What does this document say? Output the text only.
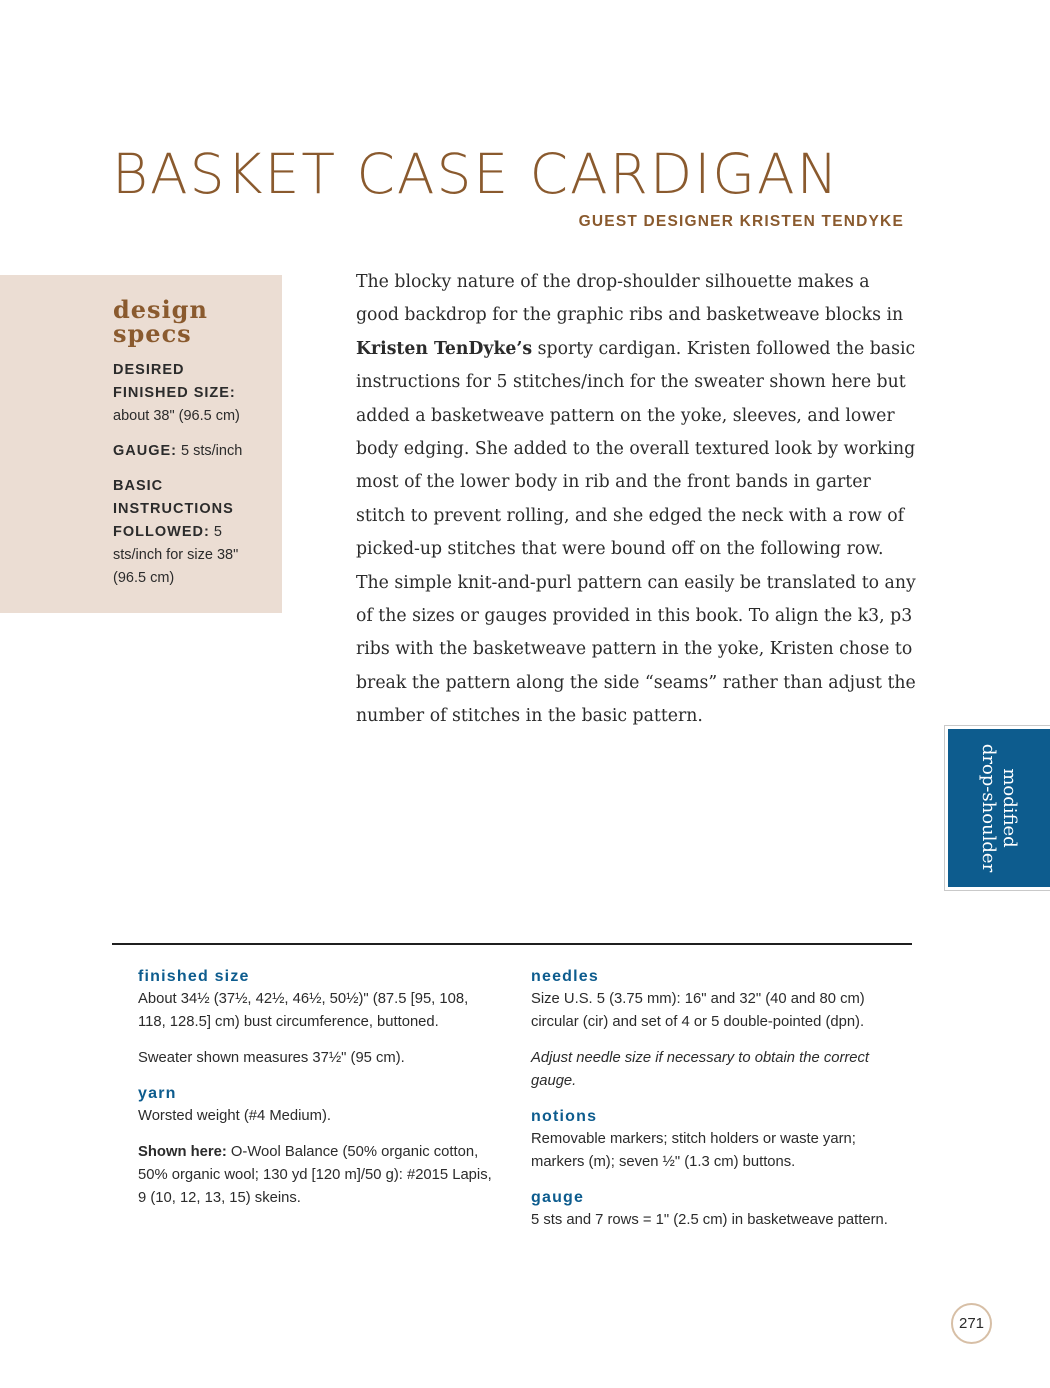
BASKET CASE CARDIGAN

GUEST DESIGNER KRISTEN TENDYKE

design
specs

DESIRED FINISHED SIZE: about 38" (96.5 cm)

GAUGE: 5 sts/inch

BASIC INSTRUCTIONS FOLLOWED: 5 sts/inch for size 38" (96.5 cm)

The blocky nature of the drop-shoulder silhouette makes a good backdrop for the graphic ribs and basketweave blocks in Kristen TenDyke’s sporty cardigan. Kristen followed the basic instructions for 5 stitches/inch for the sweater shown here but added a basketweave pattern on the yoke, sleeves, and lower body edging. She added to the overall textured look by working most of the lower body in rib and the front bands in garter stitch to prevent rolling, and she edged the neck with a row of picked-up stitches that were bound off on the following row. The simple knit-and-purl pattern can easily be translated to any of the sizes or gauges provided in this book. To align the k3, p3 ribs with the basketweave pattern in the yoke, Kristen chose to break the pattern along the side “seams” rather than adjust the number of stitches in the basic pattern.

modified
drop-shoulder
finished size

About 34½ (37½, 42½, 46½, 50½)" (87.5 [95, 108, 118, 128.5] cm) bust circumference, buttoned.

Sweater shown measures 37½" (95 cm).

yarn

Worsted weight (#4 Medium).

Shown here: O-Wool Balance (50% organic cotton, 50% organic wool; 130 yd [120 m]/50 g): #2015 Lapis, 9 (10, 12, 13, 15) skeins.

needles

Size U.S. 5 (3.75 mm): 16" and 32" (40 and 80 cm) circular (cir) and set of 4 or 5 double-pointed (dpn).

Adjust needle size if necessary to obtain the correct gauge.

notions

Removable markers; stitch holders or waste yarn; markers (m); seven ½" (1.3 cm) buttons.

gauge

5 sts and 7 rows = 1" (2.5 cm) in basketweave pattern.

271
